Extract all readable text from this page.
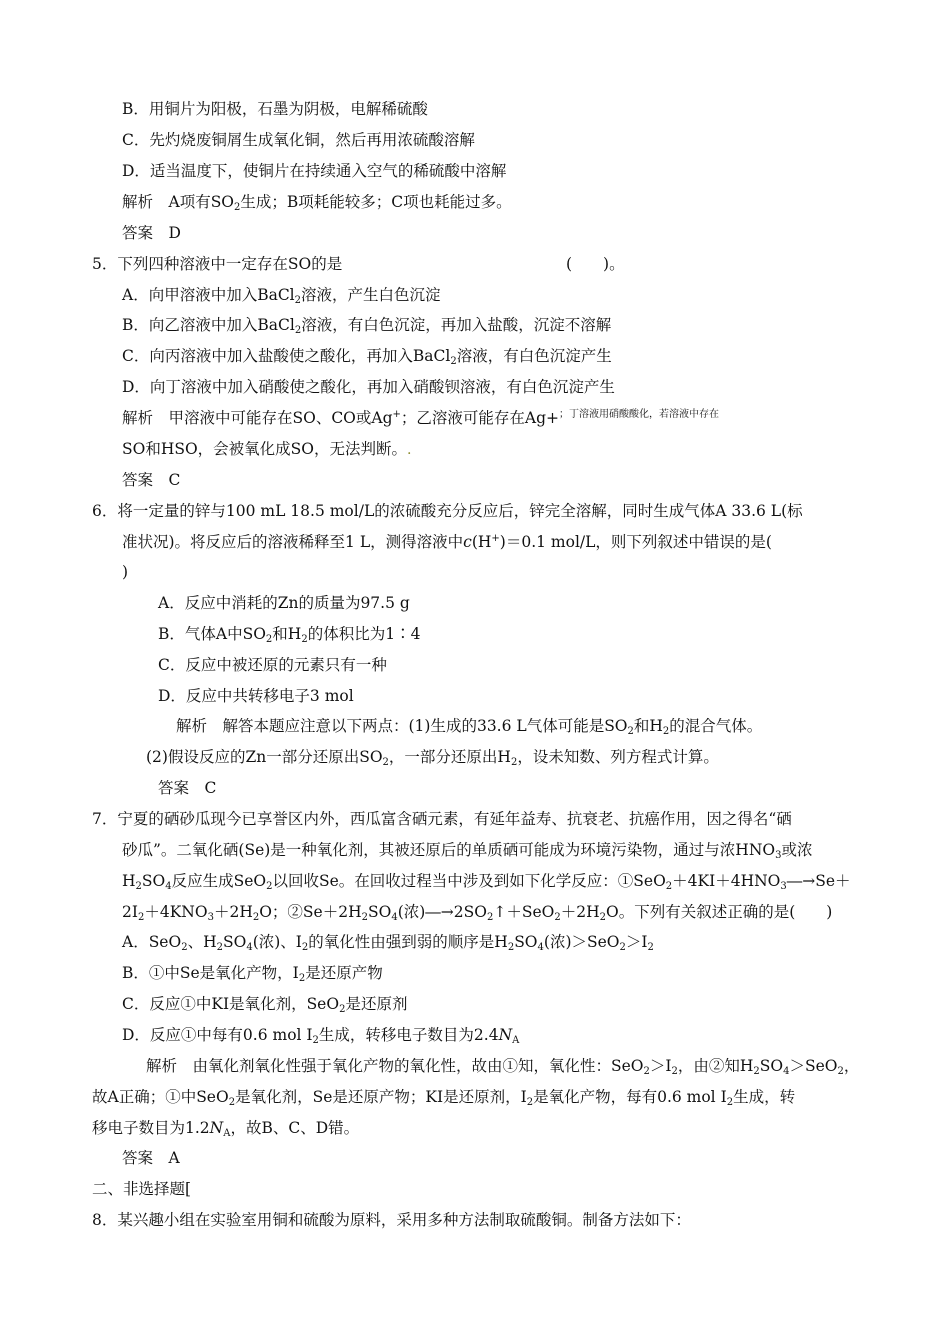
B．用铜片为阳极，石墨为阴极，电解稀硫酸
C．先灼烧废铜屑生成氧化铜，然后再用浓硫酸溶解
D．适当温度下，使铜片在持续通入空气的稀硫酸中溶解
解析　A项有$SO_2$生成；B项耗能较多；C项也耗能过多。
答案　D
5．下列四种溶液中一定存在SO的是	(　　)。
A．向甲溶液中加入BaCl$_2$溶液，产生白色沉淀
B．向乙溶液中加入BaCl$_2$溶液，有白色沉淀，再加入盐酸，沉淀不溶解
C．向丙溶液中加入盐酸使之酸化，再加入BaCl$_2$溶液，有白色沉淀产生
D．向丁溶液中加入硝酸使之酸化，再加入硝酸钡溶液，有白色沉淀产生
解析　甲溶液中可能存在SO、CO或Ag+；乙溶液可能存在Ag+$^{;丁溶液用硝酸酸化,若溶液中存在}$
SO和HSO，会被氧化成SO，无法判断。.
答案　C
6．将一定量的锌与100 mL 18.5 mol/L的浓硫酸充分反应后，锌完全溶解，同时生成气体A 33.6 L(标
准状况)。将反应后的溶液稀释至1 L，测得溶液中c(H+)＝0.1 mol/L，则下列叙述中错误的是(
)
A．反应中消耗的Zn的质量为97.5 g
B．气体A中$SO_2$和$H_2$的体积比为1∶4
C．反应中被还原的元素只有一种
D．反应中共转移电子3 mol
解析　解答本题应注意以下两点：(1)生成的33.6 L气体可能是$SO_2$和$H_2$的混合气体。
(2)假设反应的Zn一部分还原出$SO_2$，一部分还原出$H_2$，设未知数、列方程式计算。
答案　C
7．宁夏的硒砂瓜现今已享誉区内外，西瓜富含硒元素，有延年益寿、抗衰老、抗癌作用，因之得名“硒
砂瓜”。二氧化硒(Se)是一种氧化剂，其被还原后的单质硒可能成为环境污染物，通过与浓$HNO_3$或浓
$H_2SO_4$反应生成SeO$_2$以回收Se。在回收过程当中涉及到如下化学反应：$①SeO_2+4KI+4HNO_3―\to Se+$
$2I_2+4KNO_3+2H_2O$；$②Se+2H_2SO_4$(浓)$―\to 2SO_2↑+SeO_2+2H_2O$。下列有关叙述正确的是(　　)
A．SeO$_2$、$H_2SO_4$(浓)、$I_2$的氧化性由强到弱的顺序是$H_2SO_4$(浓)$>SeO_2>I_2$
B．①中Se是氧化产物，$I_2$是还原产物
C．反应①中KI是氧化剂，SeO$_2$是还原剂
D．反应①中每有0.6 mol $I_2$生成，转移电子数目为$2.4N_A$
解析　由氧化剂氧化性强于氧化产物的氧化性，故由①知，氧化性：$SeO_2>I_2$，由②知$H_2SO_4>SeO_2$，
故A正确；①中SeO$_2$是氧化剂，Se是还原产物；KI是还原剂，$I_2$是氧化产物，每有0.6 mol $I_2$生成，转
移电子数目为$1.2N_A$，故B、C、D错。
答案　A
二、非选择题[
8．某兴趣小组在实验室用铜和硫酸为原料，采用多种方法制取硫酸铜。制备方法如下：
